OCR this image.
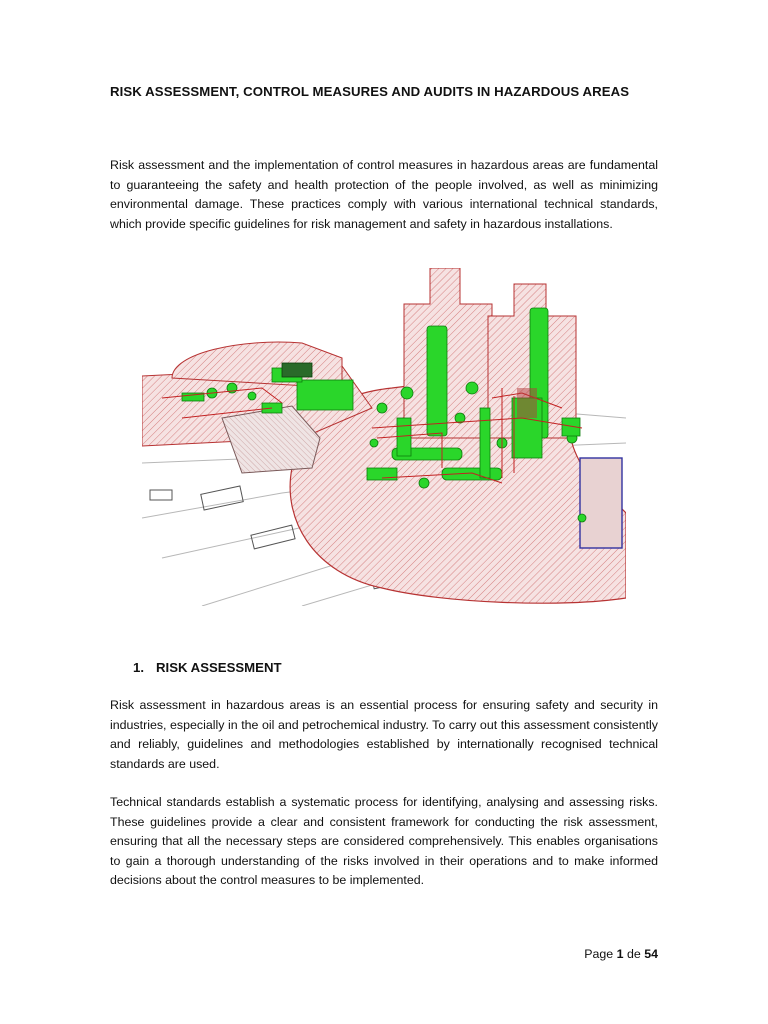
RISK ASSESSMENT, CONTROL MEASURES AND AUDITS IN HAZARDOUS AREAS

Risk assessment and the implementation of control measures in hazardous areas are fundamental to guaranteeing the safety and health protection of the people involved, as well as minimizing environmental damage. These practices comply with various international technical standards, which provide specific guidelines for risk management and safety in hazardous installations.

1. RISK ASSESSMENT

Risk assessment in hazardous areas is an essential process for ensuring safety and security in industries, especially in the oil and petrochemical industry. To carry out this assessment consistently and reliably, guidelines and methodologies established by internationally recognised technical standards are used.

Technical standards establish a systematic process for identifying, analysing and assessing risks. These guidelines provide a clear and consistent framework for conducting the risk assessment, ensuring that all the necessary steps are considered comprehensively. This enables organisations to gain a thorough understanding of the risks involved in their operations and to make informed decisions about the control measures to be implemented.

Page 1 de 54
